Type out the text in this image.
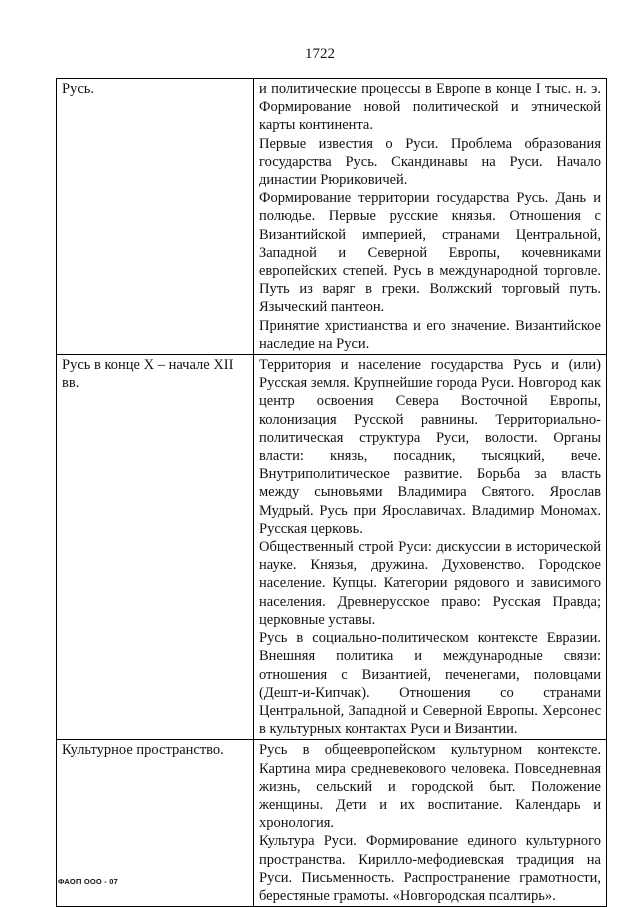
1722
Русь.	и политические процессы в Европе в конце I тыс. н. э. Формирование новой политической и этнической карты континента.

Первые известия о Руси. Проблема образования государства Русь. Скандинавы на Руси. Начало династии Рюриковичей.

Формирование территории государства Русь. Дань и полюдье. Первые русские князья. Отношения с Византийской империей, странами Центральной, Западной и Северной Европы, кочевниками европейских степей. Русь в международной торговле. Путь из варяг в греки. Волжский торговый путь. Языческий пантеон.

Принятие христианства и его значение. Византийское наследие на Руси.

Русь в конце X – начале XII вв.	Территория и население государства Русь и (или) Русская земля. Крупнейшие города Руси. Новгород как центр освоения Севера Восточной Европы, колонизация Русской равнины. Территориально-политическая структура Руси, волости. Органы власти: князь, посадник, тысяцкий, вече. Внутриполитическое развитие. Борьба за власть между сыновьями Владимира Святого. Ярослав Мудрый. Русь при Ярославичах. Владимир Мономах. Русская церковь.

Общественный строй Руси: дискуссии в исторической науке. Князья, дружина. Духовенство. Городское население. Купцы. Категории рядового и зависимого населения. Древнерусское право: Русская Правда; церковные уставы.

Русь в социально-политическом контексте Евразии. Внешняя политика и международные связи: отношения с Византией, печенегами, половцами (Дешт-и-Кипчак). Отношения со странами Центральной, Западной и Северной Европы. Херсонес в культурных контактах Руси и Византии.

Культурное пространство.	Русь в общеевропейском культурном контексте. Картина мира средневекового человека. Повседневная жизнь, сельский и городской быт. Положение женщины. Дети и их воспитание. Календарь и хронология.

Культура Руси. Формирование единого культурного пространства. Кирилло-мефодиевская традиция на Руси. Письменность. Распространение грамотности, берестяные грамоты. «Новгородская псалтирь».

ФАОП ООО - 07
